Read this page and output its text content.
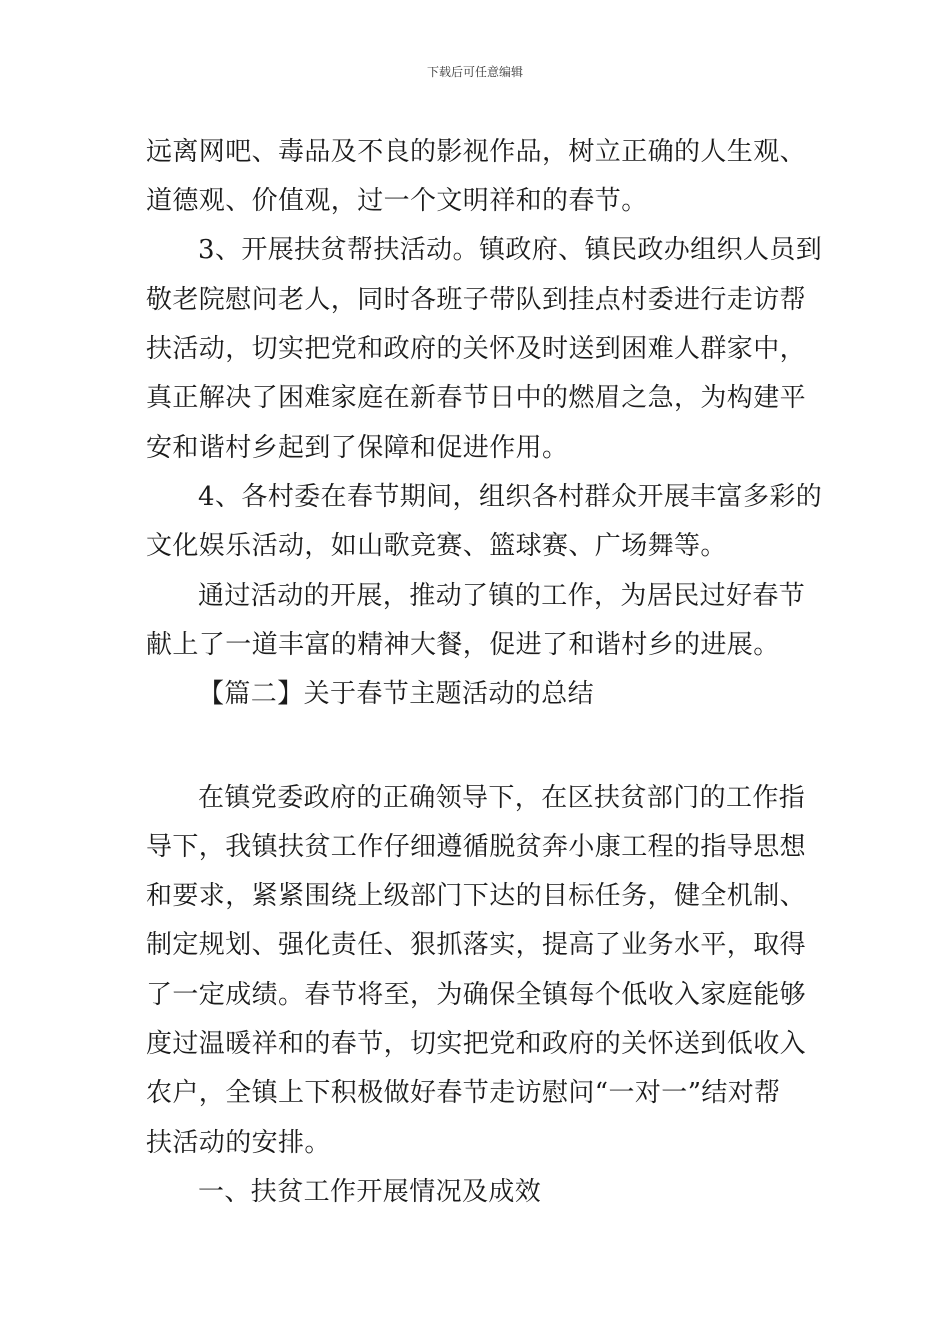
下载后可任意编辑
远离网吧、毒品及不良的影视作品，树立正确的人生观、
道德观、价值观，过一个文明祥和的春节。
3、开展扶贫帮扶活动。镇政府、镇民政办组织人员到
敬老院慰问老人，同时各班子带队到挂点村委进行走访帮
扶活动，切实把党和政府的关怀及时送到困难人群家中，
真正解决了困难家庭在新春节日中的燃眉之急，为构建平
安和谐村乡起到了保障和促进作用。
4、各村委在春节期间，组织各村群众开展丰富多彩的
文化娱乐活动，如山歌竞赛、篮球赛、广场舞等。
通过活动的开展，推动了镇的工作，为居民过好春节
献上了一道丰富的精神大餐，促进了和谐村乡的进展。
【篇二】关于春节主题活动的总结
在镇党委政府的正确领导下，在区扶贫部门的工作指
导下，我镇扶贫工作仔细遵循脱贫奔小康工程的指导思想
和要求，紧紧围绕上级部门下达的目标任务，健全机制、
制定规划、强化责任、狠抓落实，提高了业务水平，取得
了一定成绩。春节将至，为确保全镇每个低收入家庭能够
度过温暖祥和的春节，切实把党和政府的关怀送到低收入
农户，全镇上下积极做好春节走访慰问“一对一”结对帮
扶活动的安排。
一、扶贫工作开展情况及成效
